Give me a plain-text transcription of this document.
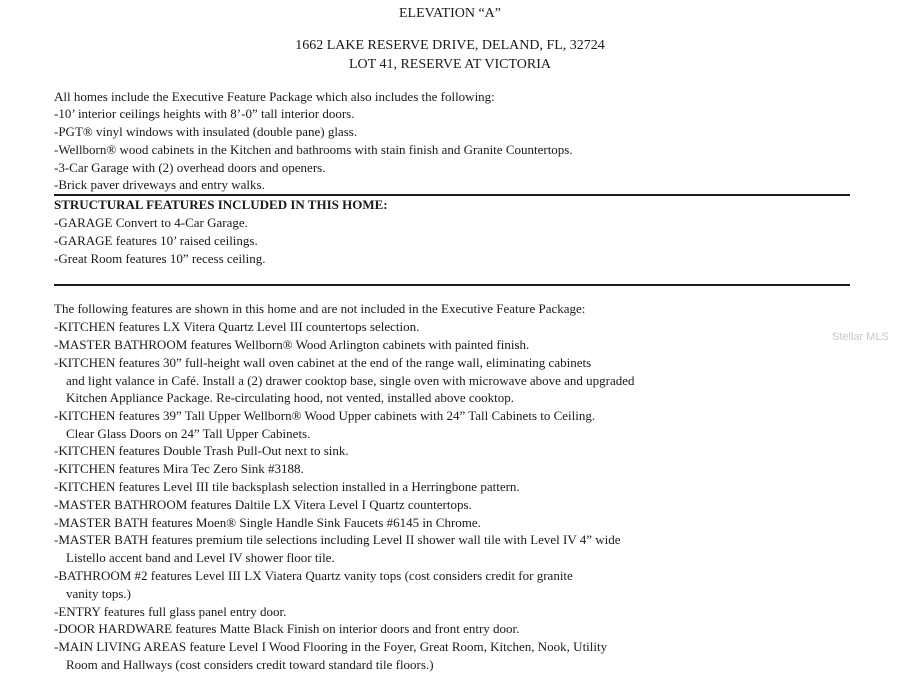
ELEVATION “A”
1662 LAKE RESERVE DRIVE, DELAND, FL, 32724
LOT 41, RESERVE AT VICTORIA
All homes include the Executive Feature Package which also includes the following:
-10’ interior ceilings heights with 8’-0” tall interior doors.
-PGT® vinyl windows with insulated (double pane) glass.
-Wellborn® wood cabinets in the Kitchen and bathrooms with stain finish and Granite Countertops.
-3-Car Garage with (2) overhead doors and openers.
-Brick paver driveways and entry walks.
STRUCTURAL FEATURES INCLUDED IN THIS HOME:
-GARAGE Convert to 4-Car Garage.
-GARAGE features 10’ raised ceilings.
-Great Room features 10” recess ceiling.
The following features are shown in this home and are not included in the Executive Feature Package:
-KITCHEN features LX Vitera Quartz Level III countertops selection.
-MASTER BATHROOM features Wellborn® Wood Arlington cabinets with painted finish.
-KITCHEN features 30” full-height wall oven cabinet at the end of the range wall, eliminating cabinets
and light valance in Café. Install a (2) drawer cooktop base, single oven with microwave above and upgraded
Kitchen Appliance Package. Re-circulating hood, not vented, installed above cooktop.
-KITCHEN features 39” Tall Upper Wellborn® Wood Upper cabinets with 24” Tall Cabinets to Ceiling.
Clear Glass Doors on 24” Tall Upper Cabinets.
-KITCHEN features Double Trash Pull-Out next to sink.
-KITCHEN features Mira Tec Zero Sink #3188.
-KITCHEN features Level III tile backsplash selection installed in a Herringbone pattern.
-MASTER BATHROOM features Daltile LX Vitera Level I Quartz countertops.
-MASTER BATH features Moen® Single Handle Sink Faucets #6145 in Chrome.
-MASTER BATH features premium tile selections including Level II shower wall tile with Level IV 4” wide
Listello accent band and Level IV shower floor tile.
-BATHROOM #2 features Level III LX Viatera Quartz vanity tops (cost considers credit for granite
vanity tops.)
-ENTRY features full glass panel entry door.
-DOOR HARDWARE features Matte Black Finish on interior doors and front entry door.
-MAIN LIVING AREAS feature Level I Wood Flooring in the Foyer, Great Room, Kitchen, Nook, Utility
Room and Hallways (cost considers credit toward standard tile floors.)
Stellar MLS
